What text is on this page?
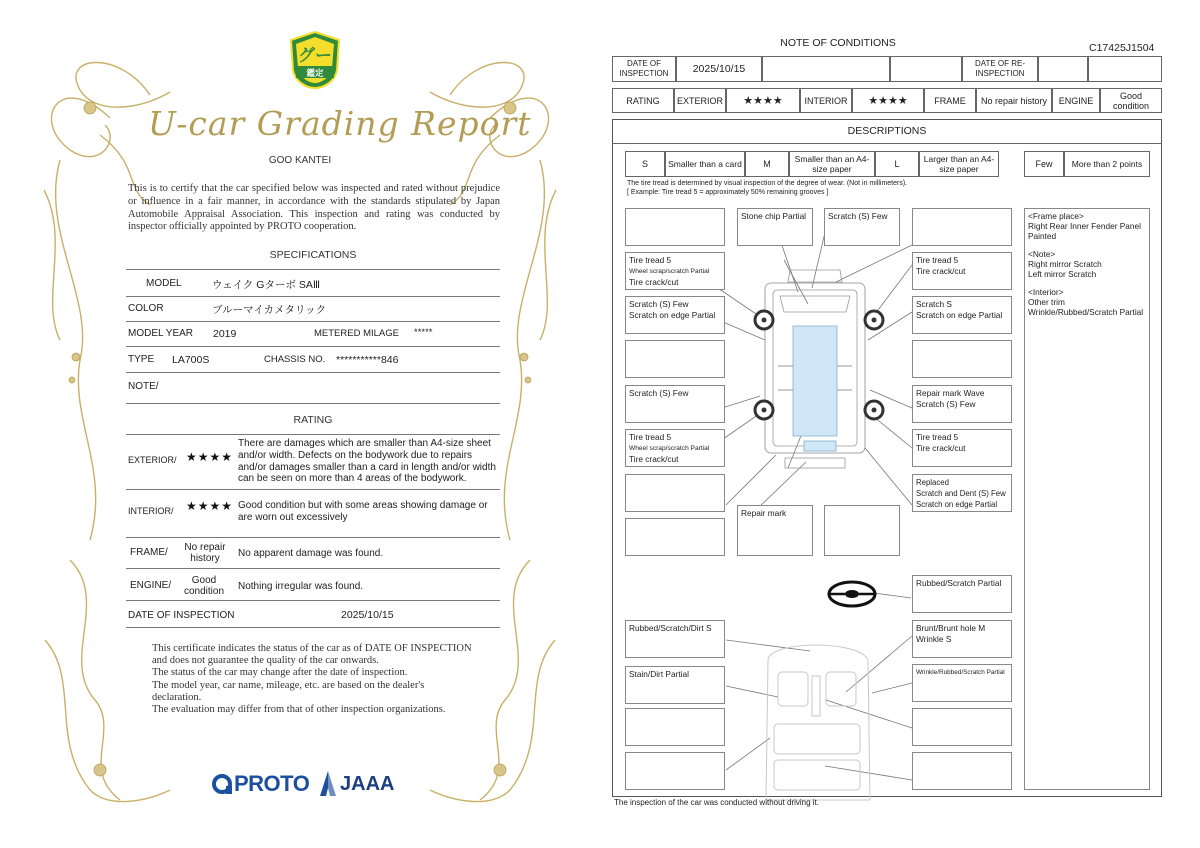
グー
鑑定
U-car Grading Report
GOO KANTEI
This is to certify that the car specified below was inspected and rated without prejudice or influence in a fair manner, in accordance with the standards stipulated by Japan Automobile Appraisal Association. This inspection and rating was conducted by inspector officially appointed by PROTO cooperation.
SPECIFICATIONS
MODEL	ウェイク Gターボ SAⅢ
COLOR	ブルーマイカメタリック
MODEL YEAR 2019	METERED MILAGE *****
TYPE LA700S	CHASSIS NO. ***********846
NOTE/
RATING
EXTERIOR/ ★★★★
There are damages which are smaller than A4-size sheet and/or width. Defects on the bodywork due to repairs and/or damages smaller than a card in length and/or width can be seen on more than 4 areas of the bodywork.
INTERIOR/ ★★★★ Good condition but with some areas showing damage or are worn out excessively
FRAME/	No repair history	No apparent damage was found.
ENGINE/	Good condition	Nothing irregular was found.
DATE OF INSPECTION	2025/10/15
This certificate indicates the status of the car as of DATE OF INSPECTION and does not guarantee the quality of the car onwards.
The status of the car may change after the date of inspection.
The model year, car name, mileage, etc. are based on the dealer's declaration.
The evaluation may differ from that of other inspection organizations.
PROTO JAAA
NOTE OF CONDITIONS	C17425J1504
DATE OF INSPECTION	2025/10/15	DATE OF RE-INSPECTION
RATING	EXTERIOR	★★★★	INTERIOR	★★★★	FRAME	No repair history	ENGINE	Good condition
DESCRIPTIONS
S	Smaller than a card	M	Smaller than an A4-size paper	L	Larger than an A4-size paper	Few	More than 2 points
The tire tread is determined by visual inspection of the degree of wear. (Not in millimeters).
[ Example: Tire tread 5 = approximately 50% remaining grooves ]
Stone chip Partial	Scratch (S) Few
Tire tread 5
Wheel scrap/scratch Partial
Tire crack/cut
Scratch (S) Few
Scratch on edge Partial
Scratch (S) Few
Tire tread 5
Wheel scrap/scratch Partial
Tire crack/cut
Tire tread 5
Tire crack/cut
Scratch S
Scratch on edge Partial
Repair mark Wave
Scratch (S) Few
Tire tread 5
Tire crack/cut
Replaced
Scratch and Dent (S) Few
Scratch on edge Partial
Repair mark
<Frame place>
Right Rear Inner Fender Panel Painted
<Note>
Right mirror Scratch
Left mirror Scratch
<Interior>
Other trim
Wrinkle/Rubbed/Scratch Partial
Rubbed/Scratch Partial
Rubbed/Scratch/Dirt S
Stain/Dirt Partial
Brunt/Brunt hole M
Wrinkle S
Wrinkle/Rubbed/Scratch Partial
The inspection of the car was conducted without driving it.
